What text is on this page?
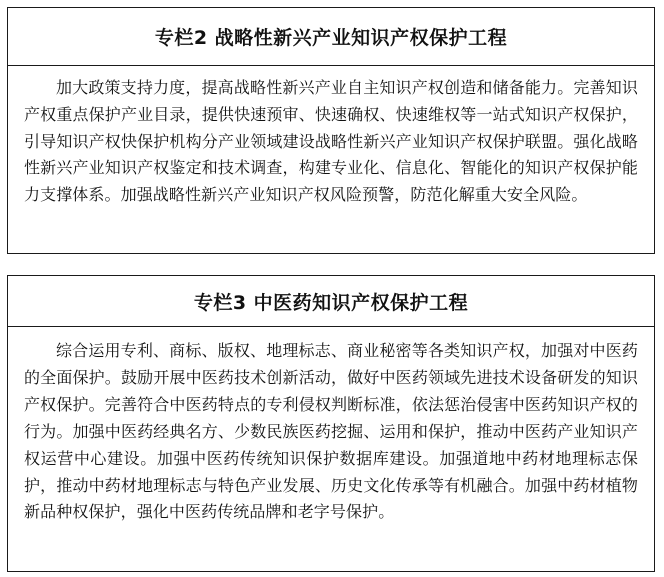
专栏2 战略性新兴产业知识产权保护工程
加大政策支持力度，提高战略性新兴产业自主知识产权创造和储备能力。完善知识产权重点保护产业目录，提供快速预审、快速确权、快速维权等一站式知识产权保护，引导知识产权快保护机构分产业领域建设战略性新兴产业知识产权保护联盟。强化战略性新兴产业知识产权鉴定和技术调查，构建专业化、信息化、智能化的知识产权保护能力支撑体系。加强战略性新兴产业知识产权风险预警，防范化解重大安全风险。
专栏3 中医药知识产权保护工程
综合运用专利、商标、版权、地理标志、商业秘密等各类知识产权，加强对中医药的全面保护。鼓励开展中医药技术创新活动，做好中医药领域先进技术设备研发的知识产权保护。完善符合中医药特点的专利侵权判断标准，依法惩治侵害中医药知识产权的行为。加强中医药经典名方、少数民族医药挖掘、运用和保护，推动中医药产业知识产权运营中心建设。加强中医药传统知识保护数据库建设。加强道地中药材地理标志保护，推动中药材地理标志与特色产业发展、历史文化传承等有机融合。加强中药材植物新品种权保护，强化中医药传统品牌和老字号保护。
